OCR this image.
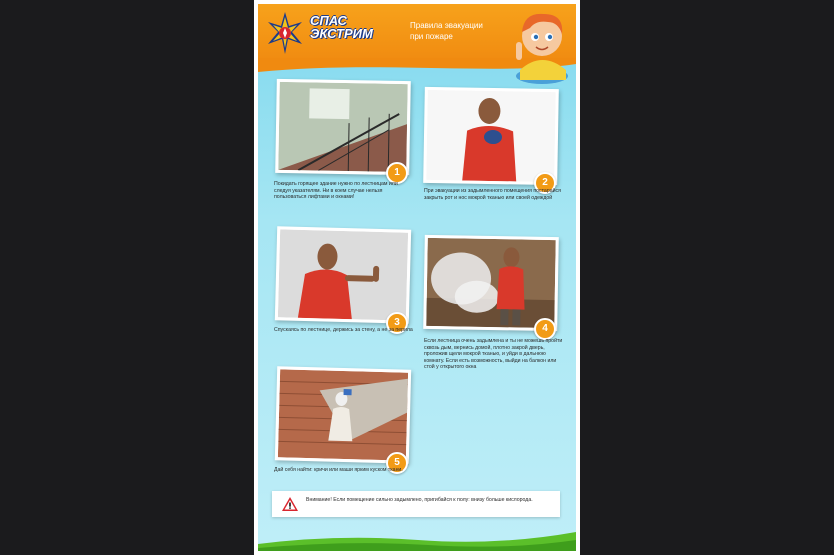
СПАС
ЭКСТРИМ
Правила эвакуации
при пожаре
1
Покидать горящее здание нужно по лестницам или следуя указателям. Ни в коем случае нельзя пользоваться лифтами и окнами!
2
При эвакуации из задымленного помещения постарайся закрыть рот и нос мокрой тканью или своей одеждой
3
Спускаясь по лестнице, держись за стену, а не за перила	4
Если лестница очень задымлена и ты не можешь пройти сквозь дым, вернись домой, плотно закрой дверь, проложив щели мокрой тканью, и уйди в дальнюю комнату. Если есть возможность, выйди на балкон или стой у открытого окна
5
Дай себя найти: кричи или маши ярким куском ткани.
Внимание! Если помещение сильно задымлено, пригибайся к полу: внизу больше кислорода.
